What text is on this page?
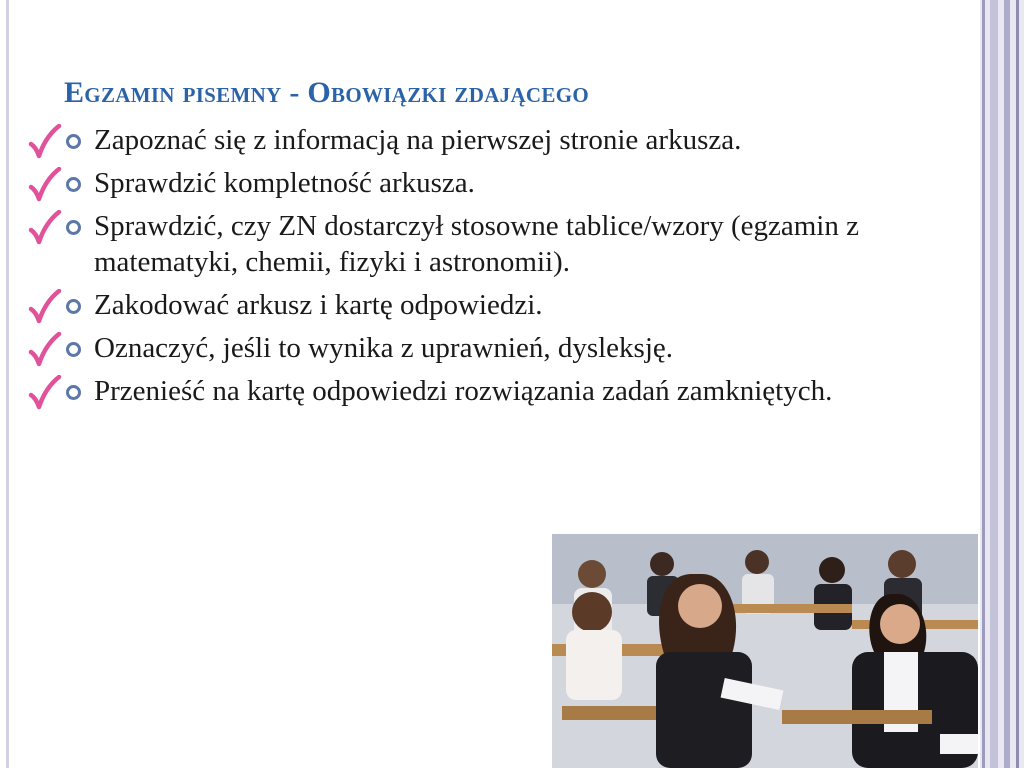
Egzamin pisemny - Obowiązki zdającego
Zapoznać się z informacją na pierwszej stronie arkusza.
Sprawdzić kompletność arkusza.
Sprawdzić, czy ZN dostarczył stosowne tablice/wzory (egzamin z matematyki, chemii, fizyki i astronomii).
Zakodować arkusz i kartę odpowiedzi.
Oznaczyć, jeśli to wynika z uprawnień, dysleksję.
Przenieść na kartę odpowiedzi rozwiązania zadań zamkniętych.
